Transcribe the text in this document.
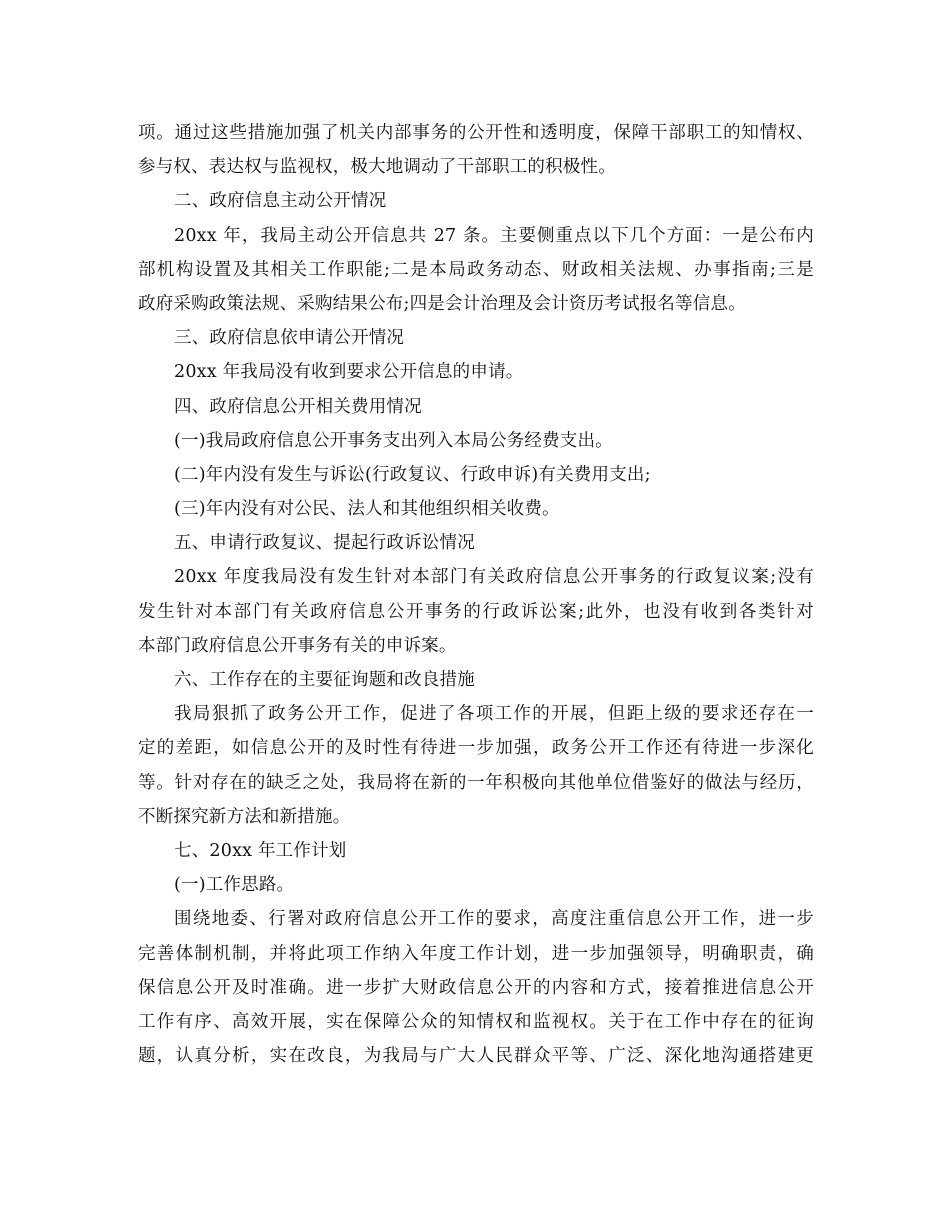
项。通过这些措施加强了机关内部事务的公开性和透明度，保障干部职工的知情权、
参与权、表达权与监视权，极大地调动了干部职工的积极性。
二、政府信息主动公开情况
20xx 年，我局主动公开信息共 27 条。主要侧重点以下几个方面：一是公布内
部机构设置及其相关工作职能;二是本局政务动态、财政相关法规、办事指南;三是
政府采购政策法规、采购结果公布;四是会计治理及会计资历考试报名等信息。
三、政府信息依申请公开情况
20xx 年我局没有收到要求公开信息的申请。
四、政府信息公开相关费用情况
(一)我局政府信息公开事务支出列入本局公务经费支出。
(二)年内没有发生与诉讼(行政复议、行政申诉)有关费用支出;
(三)年内没有对公民、法人和其他组织相关收费。
五、申请行政复议、提起行政诉讼情况
20xx 年度我局没有发生针对本部门有关政府信息公开事务的行政复议案;没有
发生针对本部门有关政府信息公开事务的行政诉讼案;此外，也没有收到各类针对
本部门政府信息公开事务有关的申诉案。
六、工作存在的主要征询题和改良措施
我局狠抓了政务公开工作，促进了各项工作的开展，但距上级的要求还存在一
定的差距，如信息公开的及时性有待进一步加强，政务公开工作还有待进一步深化
等。针对存在的缺乏之处，我局将在新的一年积极向其他单位借鉴好的做法与经历，
不断探究新方法和新措施。
七、20xx 年工作计划
(一)工作思路。
围绕地委、行署对政府信息公开工作的要求，高度注重信息公开工作，进一步
完善体制机制，并将此项工作纳入年度工作计划，进一步加强领导，明确职责，确
保信息公开及时准确。进一步扩大财政信息公开的内容和方式，接着推进信息公开
工作有序、高效开展，实在保障公众的知情权和监视权。关于在工作中存在的征询
题，认真分析，实在改良，为我局与广大人民群众平等、广泛、深化地沟通搭建更
